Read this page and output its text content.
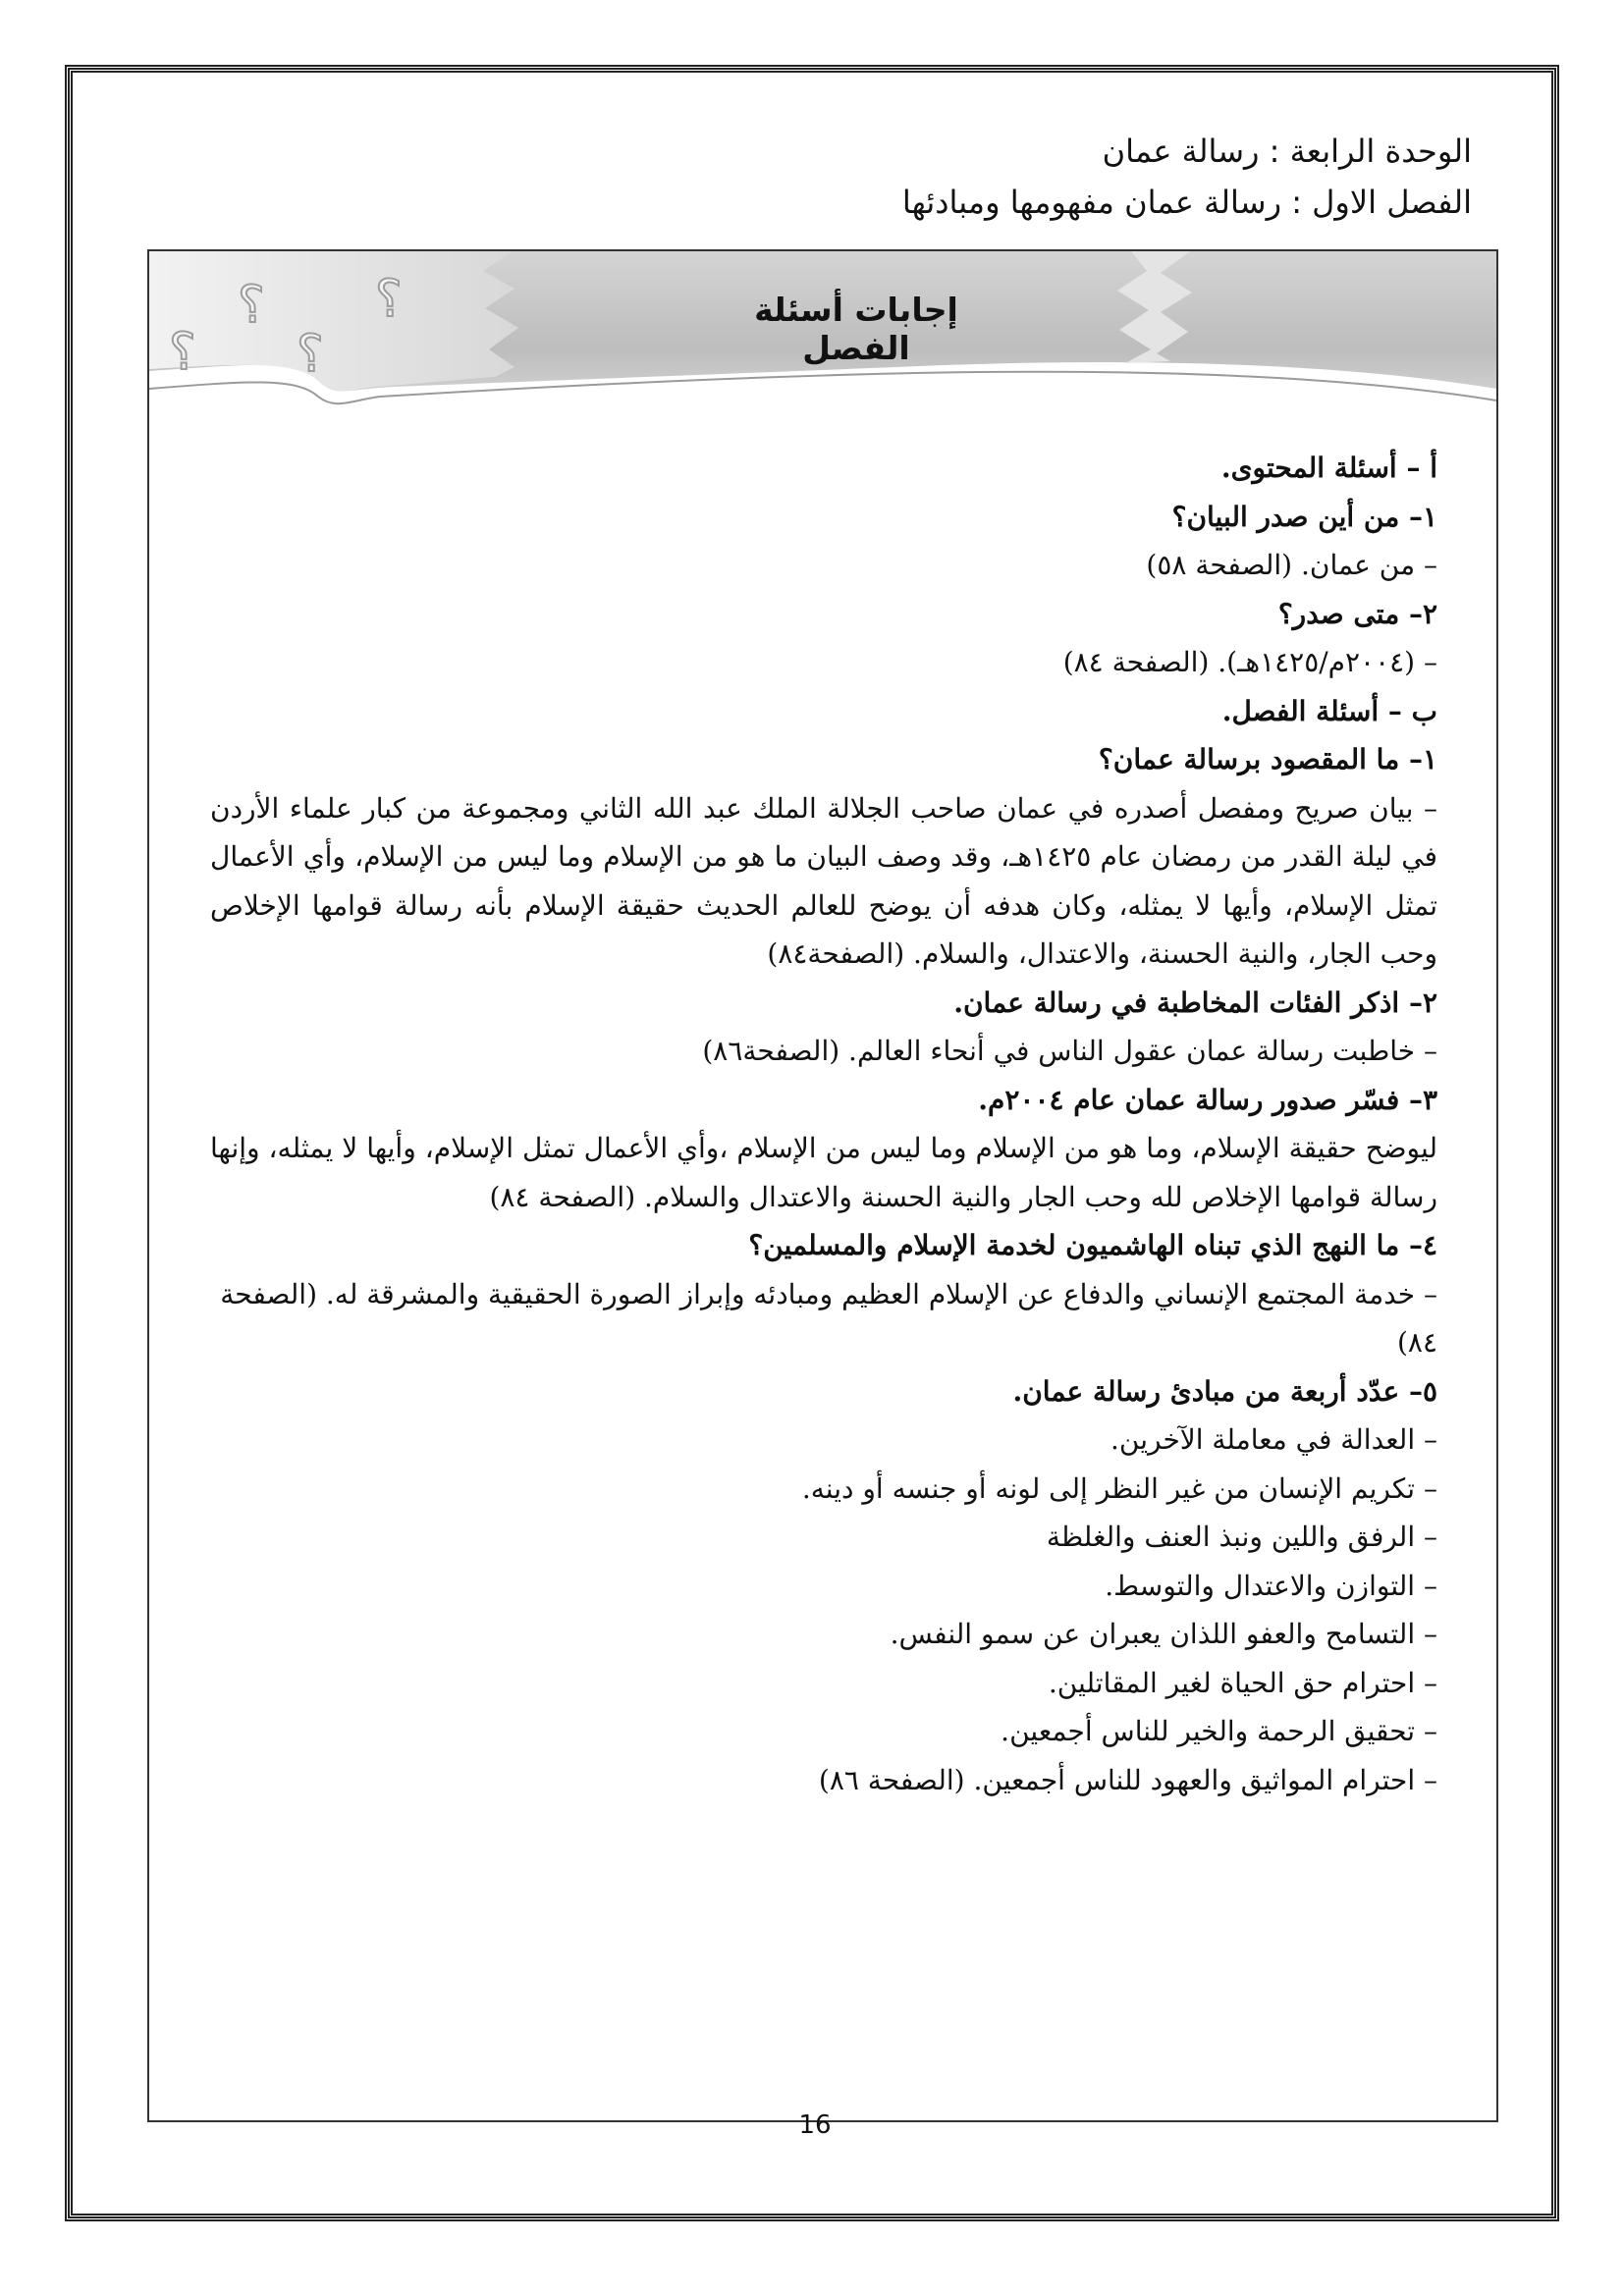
الوحدة الرابعة : رسالة عمان
الفصل الاول : رسالة عمان مفهومها ومبادئها
؟
؟
؟
؟	إجابات أسئلة الفصل

أ – أسئلة المحتوى.

١– من أين صدر البيان؟

– من عمان. (الصفحة ٥٨)

٢– متى صدر؟

– (٢٠٠٤م/١٤٢٥هـ). (الصفحة ٨٤)

ب – أسئلة الفصل.

١– ما المقصود برسالة عمان؟

– بيان صريح ومفصل أصدره في عمان صاحب الجلالة الملك عبد الله الثاني ومجموعة من كبار علماء الأردن في ليلة القدر من رمضان عام ١٤٢٥هـ، وقد وصف البيان ما هو من الإسلام وما ليس من الإسلام، وأي الأعمال تمثل الإسلام، وأيها لا يمثله، وكان هدفه أن يوضح للعالم الحديث حقيقة الإسلام بأنه رسالة قوامها الإخلاص وحب الجار، والنية الحسنة، والاعتدال، والسلام. (الصفحة٨٤)

٢– اذكر الفئات المخاطبة في رسالة عمان.

– خاطبت رسالة عمان عقول الناس في أنحاء العالم. (الصفحة٨٦)

٣– فسّر صدور رسالة عمان عام ٢٠٠٤م.

ليوضح حقيقة الإسلام، وما هو من الإسلام وما ليس من الإسلام ،وأي الأعمال تمثل الإسلام، وأيها لا يمثله، وإنها رسالة قوامها الإخلاص لله وحب الجار والنية الحسنة والاعتدال والسلام. (الصفحة ٨٤)

٤– ما النهج الذي تبناه الهاشميون لخدمة الإسلام والمسلمين؟

– خدمة المجتمع الإنساني والدفاع عن الإسلام العظيم ومبادئه وإبراز الصورة الحقيقية والمشرقة له. (الصفحة ٨٤)

٥– عدّد أربعة من مبادئ رسالة عمان.

– العدالة في معاملة الآخرين.

– تكريم الإنسان من غير النظر إلى لونه أو جنسه أو دينه.

– الرفق واللين ونبذ العنف والغلظة

– التوازن والاعتدال والتوسط.

– التسامح والعفو اللذان يعبران عن سمو النفس.

– احترام حق الحياة لغير المقاتلين.

– تحقيق الرحمة والخير للناس أجمعين.

– احترام المواثيق والعهود للناس أجمعين. (الصفحة ٨٦)

16
